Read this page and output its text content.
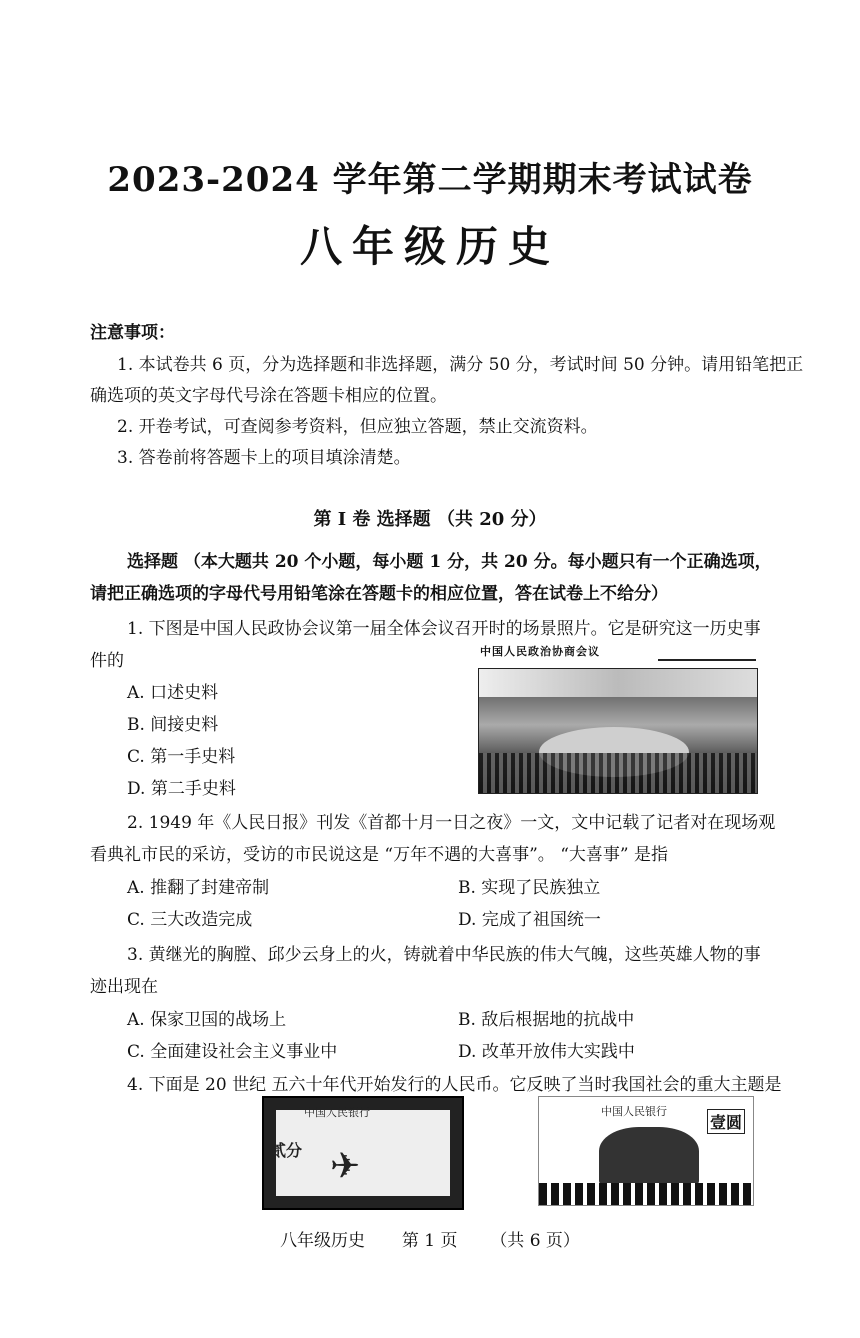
2023-2024 学年第二学期期末考试试卷
八年级历史
注意事项：
1. 本试卷共 6 页，分为选择题和非选择题，满分 50 分，考试时间 50 分钟。请用铅笔把正
确选项的英文字母代号涂在答题卡相应的位置。
2. 开卷考试，可查阅参考资料，但应独立答题，禁止交流资料。
3. 答卷前将答题卡上的项目填涂清楚。
第 I 卷 选择题 （共 20 分）
选择题 （本大题共 20 个小题，每小题 1 分，共 20 分。每小题只有一个正确选项，
请把正确选项的字母代号用铅笔涂在答题卡的相应位置，答在试卷上不给分）
1. 下图是中国人民政协会议第一届全体会议召开时的场景照片。它是研究这一历史事
件的	中国人民政治协商会议
A. 口述史料
B. 间接史料
C. 第一手史料
D. 第二手史料
2. 1949 年《人民日报》刊发《首都十月一日之夜》一文，文中记载了记者对在现场观
看典礼市民的采访，受访的市民说这是 “万年不遇的大喜事”。 “大喜事” 是指
A. 推翻了封建帝制	B. 实现了民族独立
C. 三大改造完成	D. 完成了祖国统一
3. 黄继光的胸膛、邱少云身上的火，铸就着中华民族的伟大气魄，这些英雄人物的事
迹出现在
A. 保家卫国的战场上	B. 敌后根据地的抗战中
C. 全面建设社会主义事业中	D. 改革开放伟大实践中
4. 下面是 20 世纪 五六十年代开始发行的人民币。它反映了当时我国社会的重大主题是
中国人民银行
贰分 ✈
中国人民银行
壹圆
八年级历史 第 1 页 （共 6 页）
